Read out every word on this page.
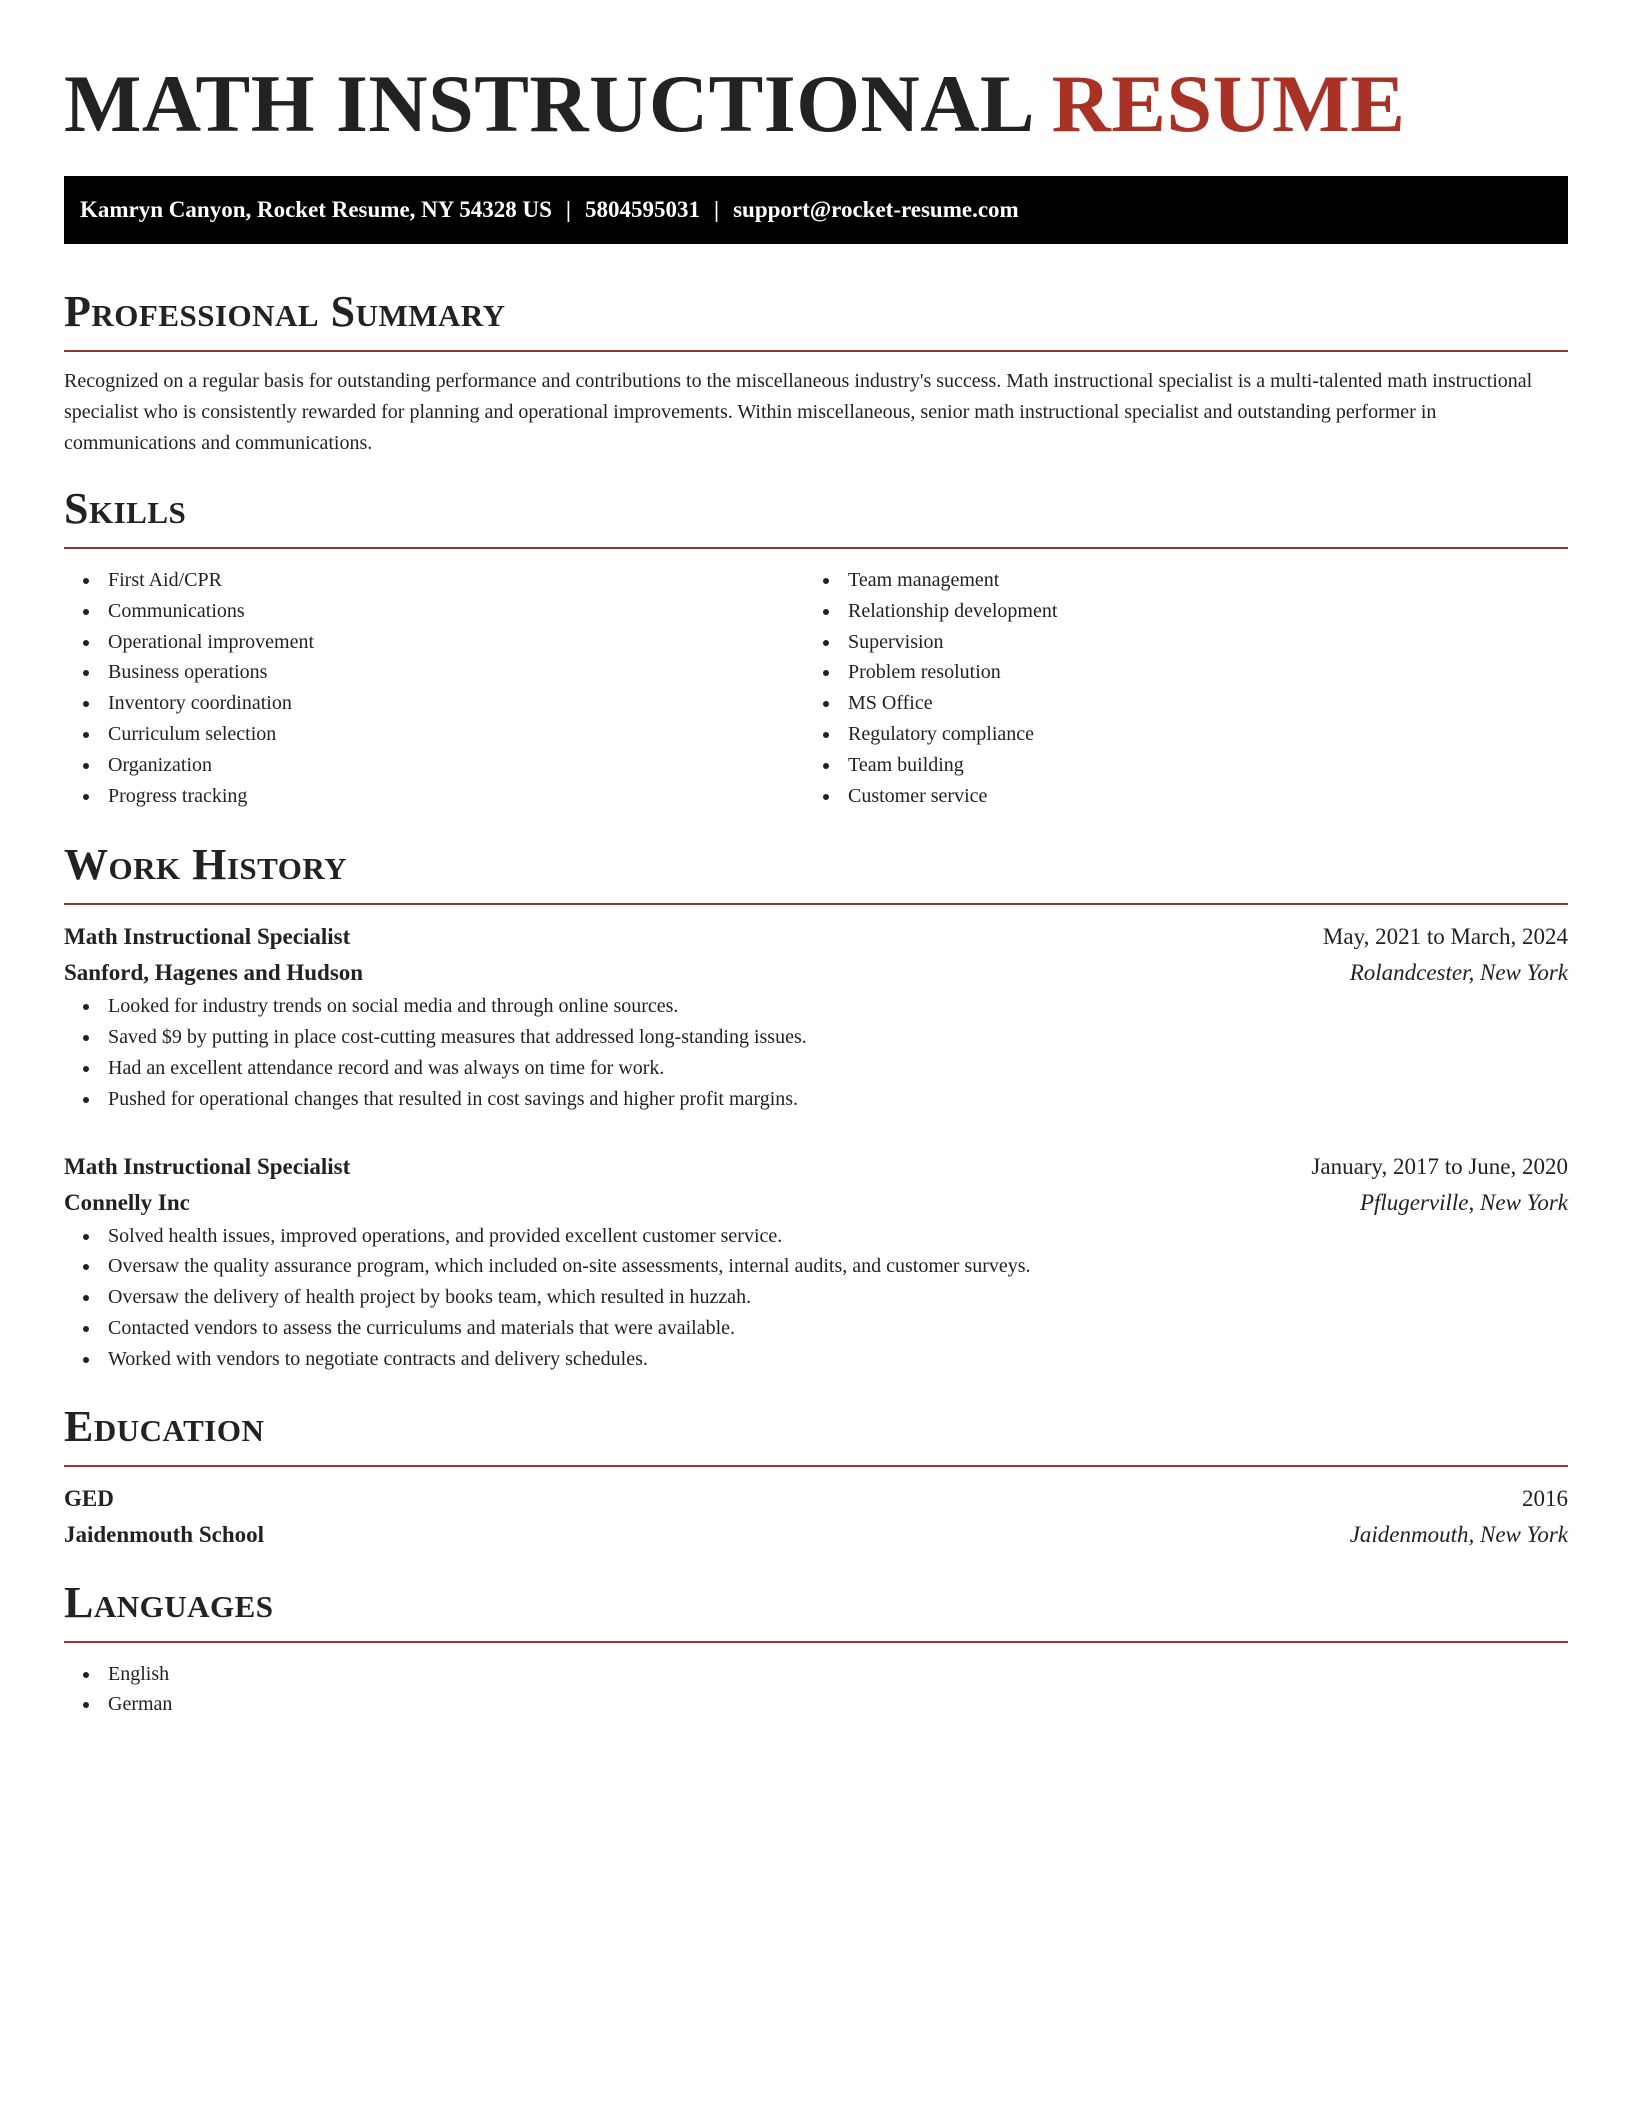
MATH INSTRUCTIONAL RESUME
Kamryn Canyon, Rocket Resume, NY 54328 US | 5804595031 | support@rocket-resume.com
Professional Summary

Recognized on a regular basis for outstanding performance and contributions to the miscellaneous industry's success. Math instructional specialist is a multi-talented math instructional specialist who is consistently rewarded for planning and operational improvements. Within miscellaneous, senior math instructional specialist and outstanding performer in communications and communications.

Skills
First Aid/CPR
Communications
Operational improvement
Business operations
Inventory coordination
Curriculum selection
Organization
Progress tracking
Team management
Relationship development
Supervision
Problem resolution
MS Office
Regulatory compliance
Team building
Customer service
Work History
Math Instructional Specialist	May, 2021 to March, 2024
Sanford, Hagenes and Hudson	Rolandcester, New York
Looked for industry trends on social media and through online sources.
Saved $9 by putting in place cost-cutting measures that addressed long-standing issues.
Had an excellent attendance record and was always on time for work.
Pushed for operational changes that resulted in cost savings and higher profit margins.
Math Instructional Specialist	January, 2017 to June, 2020
Connelly Inc	Pflugerville, New York
Solved health issues, improved operations, and provided excellent customer service.
Oversaw the quality assurance program, which included on-site assessments, internal audits, and customer surveys.
Oversaw the delivery of health project by books team, which resulted in huzzah.
Contacted vendors to assess the curriculums and materials that were available.
Worked with vendors to negotiate contracts and delivery schedules.
Education
GED	2016
Jaidenmouth School	Jaidenmouth, New York
Languages
English
German
